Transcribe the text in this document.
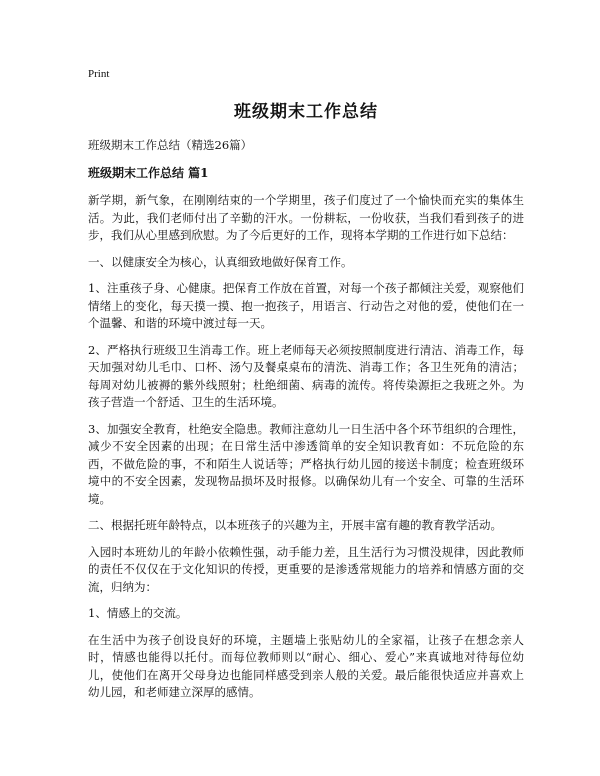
Print
班级期末工作总结
班级期末工作总结（精选26篇）
班级期末工作总结 篇1

新学期，新气象，在刚刚结束的一个学期里，孩子们度过了一个愉快而充实的集体生活。为此，我们老师付出了辛勤的汗水。一份耕耘，一份收获，当我们看到孩子的进步，我们从心里感到欣慰。为了今后更好的工作，现将本学期的工作进行如下总结：

一、以健康安全为核心，认真细致地做好保育工作。

1、注重孩子身、心健康。把保育工作放在首置，对每一个孩子都倾注关爱，观察他们情绪上的变化，每天摸一摸、抱一抱孩子，用语言、行动告之对他的爱，使他们在一个温馨、和谐的环境中渡过每一天。

2、严格执行班级卫生消毒工作。班上老师每天必须按照制度进行清洁、消毒工作，每天加强对幼儿毛巾、口杯、汤勺及餐桌桌布的清洗、消毒工作；各卫生死角的清洁；每周对幼儿被褥的紫外线照射；杜绝细菌、病毒的流传。将传染源拒之我班之外。为孩子营造一个舒适、卫生的生活环境。

3、加强安全教育，杜绝安全隐患。教师注意幼儿一日生活中各个环节组织的合理性，减少不安全因素的出现；在日常生活中渗透简单的安全知识教育如：不玩危险的东西，不做危险的事，不和陌生人说话等；严格执行幼儿园的接送卡制度；检查班级环境中的不安全因素，发现物品损坏及时报修。以确保幼儿有一个安全、可靠的生活环境。

二、根据托班年龄特点，以本班孩子的兴趣为主，开展丰富有趣的教育教学活动。

入园时本班幼儿的年龄小依赖性强，动手能力差，且生活行为习惯没规律，因此教师的责任不仅仅在于文化知识的传授，更重要的是渗透常规能力的培养和情感方面的交流，归纳为：

1、情感上的交流。

在生活中为孩子创设良好的环境，主题墙上张贴幼儿的全家福，让孩子在想念亲人时，情感也能得以托付。而每位教师则以“耐心、细心、爱心”来真诚地对待每位幼儿，使他们在离开父母身边也能同样感受到亲人般的关爱。最后能很快适应并喜欢上幼儿园，和老师建立深厚的感情。
